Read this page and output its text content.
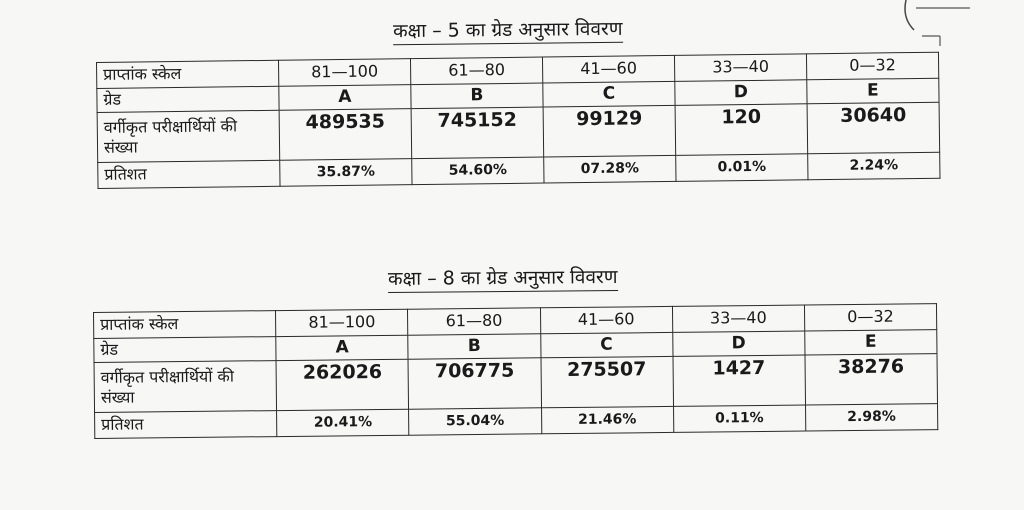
कक्षा – 5 का ग्रेड अनुसार विवरण
प्राप्तांक स्केल	81—100	61—80	41—60	33—40	0—32
ग्रेड	A	B	C	D	E
वर्गीकृत परीक्षार्थियों की संख्या	489535	745152	99129	120	30640
प्रतिशत	35.87%	54.60%	07.28%	0.01%	2.24%
कक्षा – 8 का ग्रेड अनुसार विवरण
प्राप्तांक स्केल	81—100	61—80	41—60	33—40	0—32
ग्रेड	A	B	C	D	E
वर्गीकृत परीक्षार्थियों की संख्या	262026	706775	275507	1427	38276
प्रतिशत	20.41%	55.04%	21.46%	0.11%	2.98%
